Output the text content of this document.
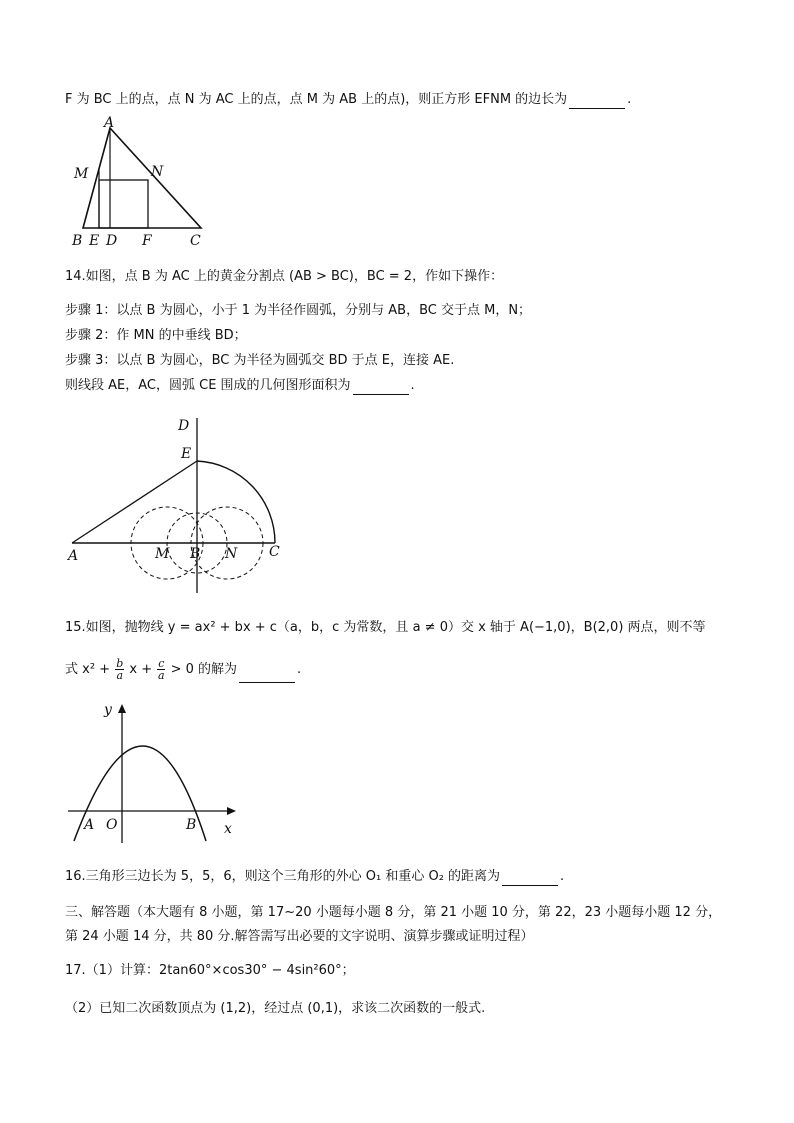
F 为 BC 上的点，点 N 为 AC 上的点，点 M 为 AB 上的点)，则正方形 EFNM 的边长为	.
A
M	N
B E D F	C
14.如图，点 B 为 AC 上的黄金分割点 (AB > BC)，BC = 2，作如下操作：
步骤 1：以点 B 为圆心，小于 1 为半径作圆弧，分别与 AB，BC 交于点 M，N；
步骤 2：作 MN 的中垂线 BD；
步骤 3：以点 B 为圆心，BC 为半径为圆弧交 BD 于点 E，连接 AE.
则线段 AE，AC，圆弧 CE 围成的几何图形面积为	.
D
E
A	M B N C
15.如图，抛物线 y = ax² + bx + c（a，b，c 为常数，且 a ≠ 0）交 x 轴于 A(−1,0)，B(2,0) 两点，则不等
式 $x^2 + \frac{b}{a}$ $x + \frac{c}{a} > 0$ 的解为	.
y
x
A O	B
16.三角形三边长为 5，5，6，则这个三角形的外心 O₁ 和重心 O₂ 的距离为	.
三、解答题（本大题有 8 小题，第 17~20 小题每小题 8 分，第 21 小题 10 分，第 22，23 小题每小题 12 分，
第 24 小题 14 分，共 80 分.解答需写出必要的文字说明、演算步骤或证明过程）
17.（1）计算：2tan60°×cos30° − 4sin²60°；
（2）已知二次函数顶点为 (1,2)，经过点 (0,1)，求该二次函数的一般式.
